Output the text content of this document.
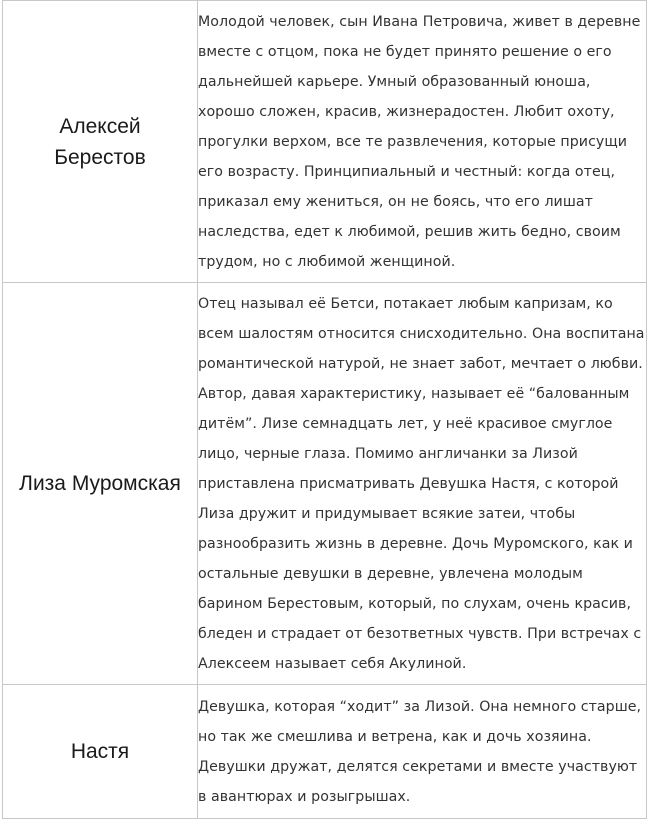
Алексей Берестов	Молодой человек, сын Ивана Петровича, живет в деревне вместе с отцом, пока не будет принято решение о его дальнейшей карьере. Умный образованный юноша, хорошо сложен, красив, жизнерадостен. Любит охоту, прогулки верхом, все те развлечения, которые присущи его возрасту. Принципиальный и честный: когда отец, приказал ему жениться, он не боясь, что его лишат наследства, едет к любимой, решив жить бедно, своим трудом, но с любимой женщиной.
Лиза Муромская	Отец называл её Бетси, потакает любым капризам, ко всем шалостям относится снисходительно. Она воспитана романтической натурой, не знает забот, мечтает о любви. Автор, давая характеристику, называет её “балованным дитём”. Лизе семнадцать лет, у неё красивое смуглое лицо, черные глаза. Помимо англичанки за Лизой приставлена присматривать Девушка Настя, с которой Лиза дружит и придумывает всякие затеи, чтобы разнообразить жизнь в деревне. Дочь Муромского, как и остальные девушки в деревне, увлечена молодым барином Берестовым, который, по слухам, очень красив, бледен и страдает от безответных чувств. При встречах с Алексеем называет себя Акулиной.
Настя	Девушка, которая “ходит” за Лизой. Она немного старше, но так же смешлива и ветрена, как и дочь хозяина. Девушки дружат, делятся секретами и вместе участвуют в авантюрах и розыгрышах.
